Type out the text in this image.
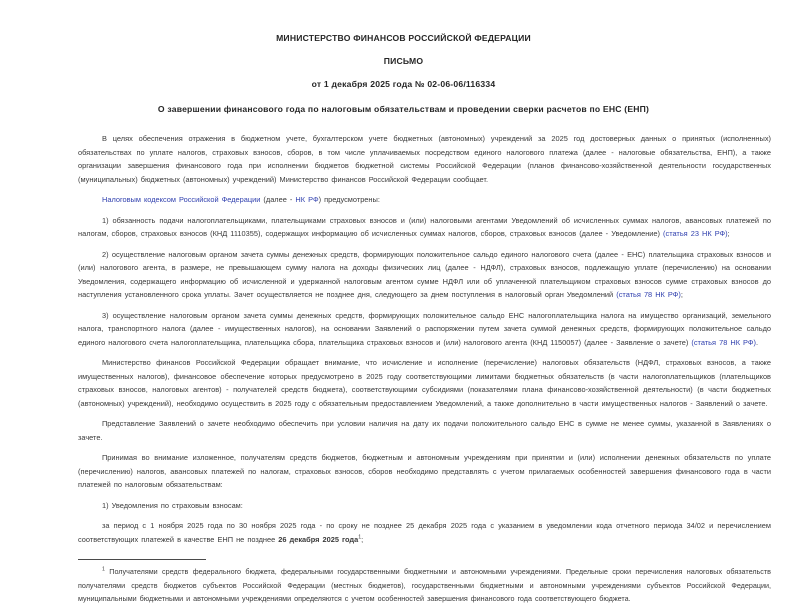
МИНИСТЕРСТВО ФИНАНСОВ РОССИЙСКОЙ ФЕДЕРАЦИИ
ПИСЬМО
от 1 декабря 2025 года № 02-06-06/116334
О завершении финансового года по налоговым обязательствам и проведении сверки расчетов по ЕНС (ЕНП)

В целях обеспечения отражения в бюджетном учете, бухгалтерском учете бюджетных (автономных) учреждений за 2025 год достоверных данных о принятых (исполненных) обязательствах по уплате налогов, страховых взносов, сборов, в том числе уплачиваемых посредством единого налогового платежа (далее - налоговые обязательства, ЕНП), а также организации завершения финансового года при исполнении бюджетов бюджетной системы Российской Федерации (планов финансово-хозяйственной деятельности государственных (муниципальных) бюджетных (автономных) учреждений) Министерство финансов Российской Федерации сообщает.

Налоговым кодексом Российской Федерации (далее - НК РФ) предусмотрены:

1) обязанность подачи налогоплательщиками, плательщиками страховых взносов и (или) налоговыми агентами Уведомлений об исчисленных суммах налогов, авансовых платежей по налогам, сборов, страховых взносов (КНД 1110355), содержащих информацию об исчисленных суммах налогов, сборов, страховых взносов (далее - Уведомление) (статья 23 НК РФ);

2) осуществление налоговым органом зачета суммы денежных средств, формирующих положительное сальдо единого налогового счета (далее - ЕНС) плательщика страховых взносов и (или) налогового агента, в размере, не превышающем сумму налога на доходы физических лиц (далее - НДФЛ), страховых взносов, подлежащую уплате (перечислению) на основании Уведомления, содержащего информацию об исчисленной и удержанной налоговым агентом сумме НДФЛ или об уплаченной плательщиком страховых взносов сумме страховых взносов до наступления установленного срока уплаты. Зачет осуществляется не позднее дня, следующего за днем поступления в налоговый орган Уведомлений (статья 78 НК РФ);

3) осуществление налоговым органом зачета суммы денежных средств, формирующих положительное сальдо ЕНС налогоплательщика налога на имущество организаций, земельного налога, транспортного налога (далее - имущественных налогов), на основании Заявлений о распоряжении путем зачета суммой денежных средств, формирующих положительное сальдо единого налогового счета налогоплательщика, плательщика сбора, плательщика страховых взносов и (или) налогового агента (КНД 1150057) (далее - Заявление о зачете) (статья 78 НК РФ).

Министерство финансов Российской Федерации обращает внимание, что исчисление и исполнение (перечисление) налоговых обязательств (НДФЛ, страховых взносов, а также имущественных налогов), финансовое обеспечение которых предусмотрено в 2025 году соответствующими лимитами бюджетных обязательств (в части налогоплательщиков (плательщиков страховых взносов, налоговых агентов) - получателей средств бюджета), соответствующими субсидиями (показателями плана финансово-хозяйственной деятельности) (в части бюджетных (автономных) учреждений), необходимо осуществить в 2025 году с обязательным предоставлением Уведомлений, а также дополнительно в части имущественных налогов - Заявлений о зачете.

Представление Заявлений о зачете необходимо обеспечить при условии наличия на дату их подачи положительного сальдо ЕНС в сумме не менее суммы, указанной в Заявлениях о зачете.

Принимая во внимание изложенное, получателям средств бюджетов, бюджетным и автономным учреждениям при принятии и (или) исполнении денежных обязательств по уплате (перечислению) налогов, авансовых платежей по налогам, страховых взносов, сборов необходимо представлять с учетом прилагаемых особенностей завершения финансового года в части платежей по налоговым обязательствам:

1) Уведомления по страховым взносам:

за период с 1 ноября 2025 года по 30 ноября 2025 года - по сроку не позднее 25 декабря 2025 года с указанием в уведомлении кода отчетного периода 34/02 и перечислением соответствующих платежей в качестве ЕНП не позднее 26 декабря 2025 года$^1$;

$^1$ Получателями средств федерального бюджета, федеральными государственными бюджетными и автономными учреждениями. Предельные сроки перечисления налоговых обязательств получателями средств бюджетов субъектов Российской Федерации (местных бюджетов), государственными бюджетными и автономными учреждениями субъектов Российской Федерации, муниципальными бюджетными и автономными учреждениями определяются с учетом особенностей завершения финансового года соответствующего бюджета.
